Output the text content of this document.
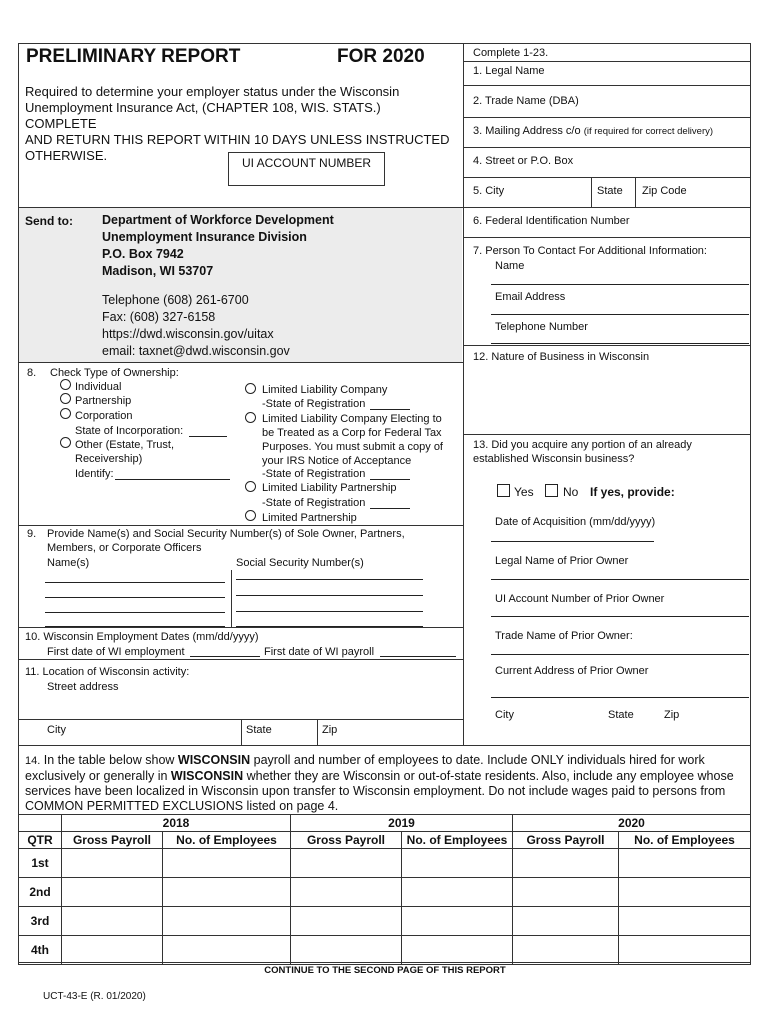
PRELIMINARY REPORT	FOR 2020
Required to determine your employer status under the Wisconsin
Unemployment Insurance Act, (CHAPTER 108, WIS. STATS.) COMPLETE
AND RETURN THIS REPORT WITHIN 10 DAYS UNLESS INSTRUCTED
OTHERWISE.	UI ACCOUNT NUMBER
Send to: Department of Workforce Development
Unemployment Insurance Division
P.O. Box 7942
Madison, WI 53707
Telephone (608) 261-6700
Fax: (608) 327-6158
https://dwd.wisconsin.gov/uitax
email: taxnet@dwd.wisconsin.gov
Complete 1-23.
1. Legal Name
2. Trade Name (DBA)
3. Mailing Address c/o (if required for correct delivery)
4. Street or P.O. Box
5. City	State Zip Code
6. Federal Identification Number
7. Person To Contact For Additional Information:
Name
Email Address
Telephone Number
12. Nature of Business in Wisconsin
13. Did you acquire any portion of an already
established Wisconsin business?
Yes No If yes, provide:
Date of Acquisition (mm/dd/yyyy)
Legal Name of Prior Owner
UI Account Number of Prior Owner
Trade Name of Prior Owner:
Current Address of Prior Owner
City	State	Zip
8. Check Type of Ownership:
Individual
Partnership
Corporation
State of Incorporation:
Other (Estate, Trust,
Receivership)
Identify:
Limited Liability Company
-State of Registration
Limited Liability Company Electing to
be Treated as a Corp for Federal Tax
Purposes. You must submit a copy of
your IRS Notice of Acceptance
-State of Registration
Limited Liability Partnership
-State of Registration
Limited Partnership
9. Provide Name(s) and Social Security Number(s) of Sole Owner, Partners,
Members, or Corporate Officers
Name(s)	Social Security Number(s)
10. Wisconsin Employment Dates (mm/dd/yyyy)
First date of WI employment	First date of WI payroll
11. Location of Wisconsin activity:
Street address
City	State	Zip
14. In the table below show WISCONSIN payroll and number of employees to date. Include ONLY individuals hired for work exclusively or generally in WISCONSIN whether they are Wisconsin or out-of-state residents. Also, include any employee whose services have been localized in Wisconsin upon transfer to Wisconsin employment. Do not include wages paid to persons from COMMON PERMITTED EXCLUSIONS listed on page 4.
	2018		2019		2020	
QTR	Gross Payroll	No. of Employees	Gross Payroll	No. of Employees	Gross Payroll	No. of Employees
1st						
2nd						
3rd						
4th						
CONTINUE TO THE SECOND PAGE OF THIS REPORT
UCT-43-E (R. 01/2020)
